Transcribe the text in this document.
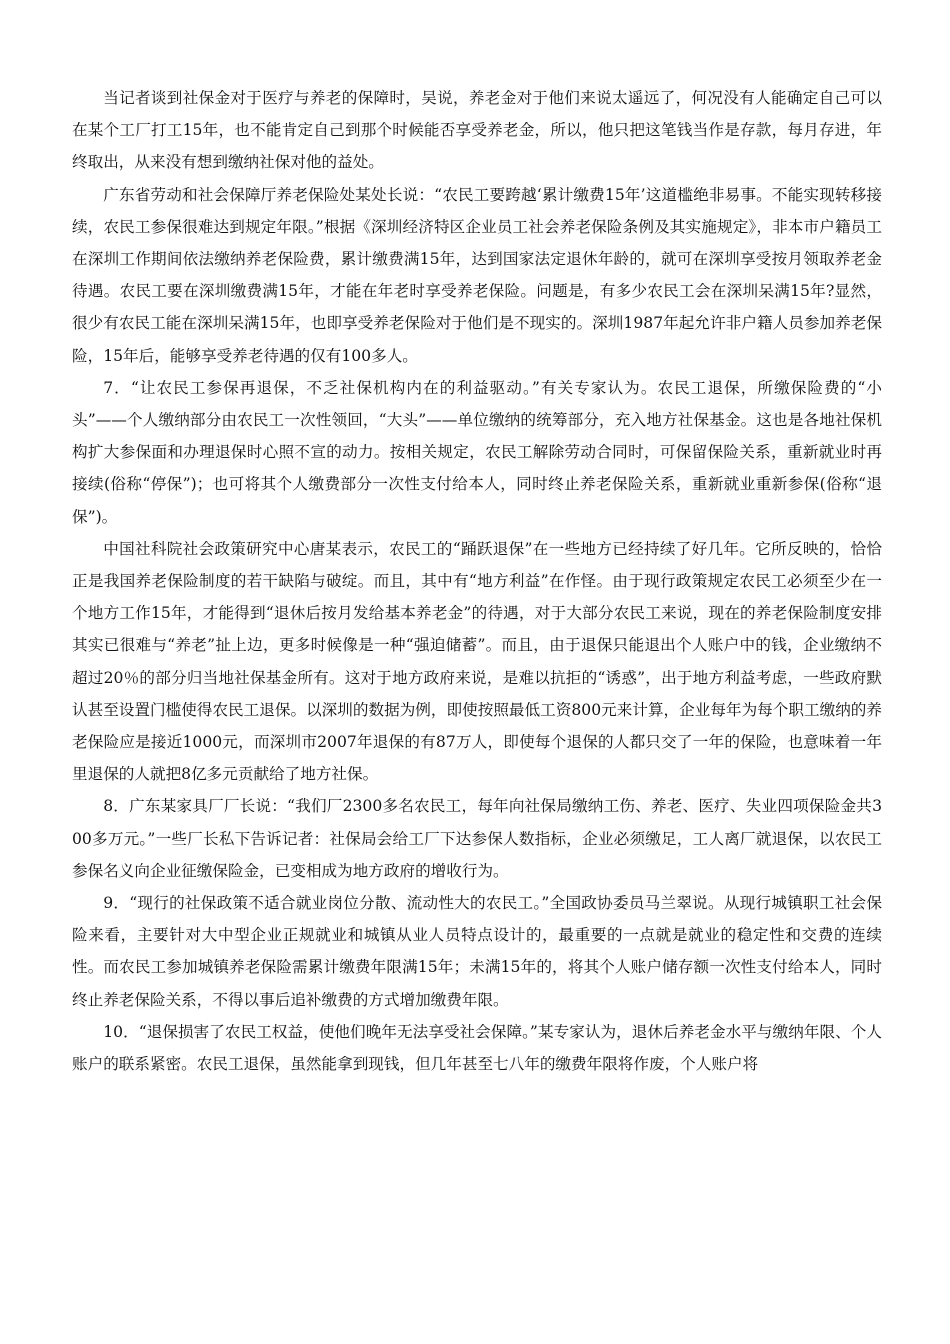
当记者谈到社保金对于医疗与养老的保障时，吴说，养老金对于他们来说太遥远了，何况没有人能确定自己可以在某个工厂打工15年，也不能肯定自己到那个时候能否享受养老金，所以，他只把这笔钱当作是存款，每月存进，年终取出，从来没有想到缴纳社保对他的益处。

广东省劳动和社会保障厅养老保险处某处长说：“农民工要跨越‘累计缴费15年’这道槛绝非易事。不能实现转移接续，农民工参保很难达到规定年限。”根据《深圳经济特区企业员工社会养老保险条例及其实施规定》，非本市户籍员工在深圳工作期间依法缴纳养老保险费，累计缴费满15年，达到国家法定退休年龄的，就可在深圳享受按月领取养老金待遇。农民工要在深圳缴费满15年，才能在年老时享受养老保险。问题是，有多少农民工会在深圳呆满15年?显然，很少有农民工能在深圳呆满15年，也即享受养老保险对于他们是不现实的。深圳1987年起允许非户籍人员参加养老保险，15年后，能够享受养老待遇的仅有100多人。

7．“让农民工参保再退保，不乏社保机构内在的利益驱动。”有关专家认为。农民工退保，所缴保险费的“小头”——个人缴纳部分由农民工一次性领回，“大头”——单位缴纳的统筹部分，充入地方社保基金。这也是各地社保机构扩大参保面和办理退保时心照不宣的动力。按相关规定，农民工解除劳动合同时，可保留保险关系，重新就业时再接续(俗称“停保”)；也可将其个人缴费部分一次性支付给本人，同时终止养老保险关系，重新就业重新参保(俗称“退保”)。

中国社科院社会政策研究中心唐某表示，农民工的“踊跃退保”在一些地方已经持续了好几年。它所反映的，恰恰正是我国养老保险制度的若干缺陷与破绽。而且，其中有“地方利益”在作怪。由于现行政策规定农民工必须至少在一个地方工作15年，才能得到“退休后按月发给基本养老金”的待遇，对于大部分农民工来说，现在的养老保险制度安排其实已很难与“养老”扯上边，更多时候像是一种“强迫储蓄”。而且，由于退保只能退出个人账户中的钱，企业缴纳不超过20％的部分归当地社保基金所有。这对于地方政府来说，是难以抗拒的“诱惑”，出于地方利益考虑，一些政府默认甚至设置门槛使得农民工退保。以深圳的数据为例，即使按照最低工资800元来计算，企业每年为每个职工缴纳的养老保险应是接近1000元，而深圳市2007年退保的有87万人，即使每个退保的人都只交了一年的保险，也意味着一年里退保的人就把8亿多元贡献给了地方社保。

8．广东某家具厂厂长说：“我们厂2300多名农民工，每年向社保局缴纳工伤、养老、医疗、失业四项保险金共300多万元。”一些厂长私下告诉记者：社保局会给工厂下达参保人数指标，企业必须缴足，工人离厂就退保，以农民工参保名义向企业征缴保险金，已变相成为地方政府的增收行为。

9．“现行的社保政策不适合就业岗位分散、流动性大的农民工。”全国政协委员马兰翠说。从现行城镇职工社会保险来看，主要针对大中型企业正规就业和城镇从业人员特点设计的，最重要的一点就是就业的稳定性和交费的连续性。而农民工参加城镇养老保险需累计缴费年限满15年；未满15年的，将其个人账户储存额一次性支付给本人，同时终止养老保险关系，不得以事后追补缴费的方式增加缴费年限。

10．“退保损害了农民工权益，使他们晚年无法享受社会保障。”某专家认为，退休后养老金水平与缴纳年限、个人账户的联系紧密。农民工退保，虽然能拿到现钱，但几年甚至七八年的缴费年限将作废，个人账户将
